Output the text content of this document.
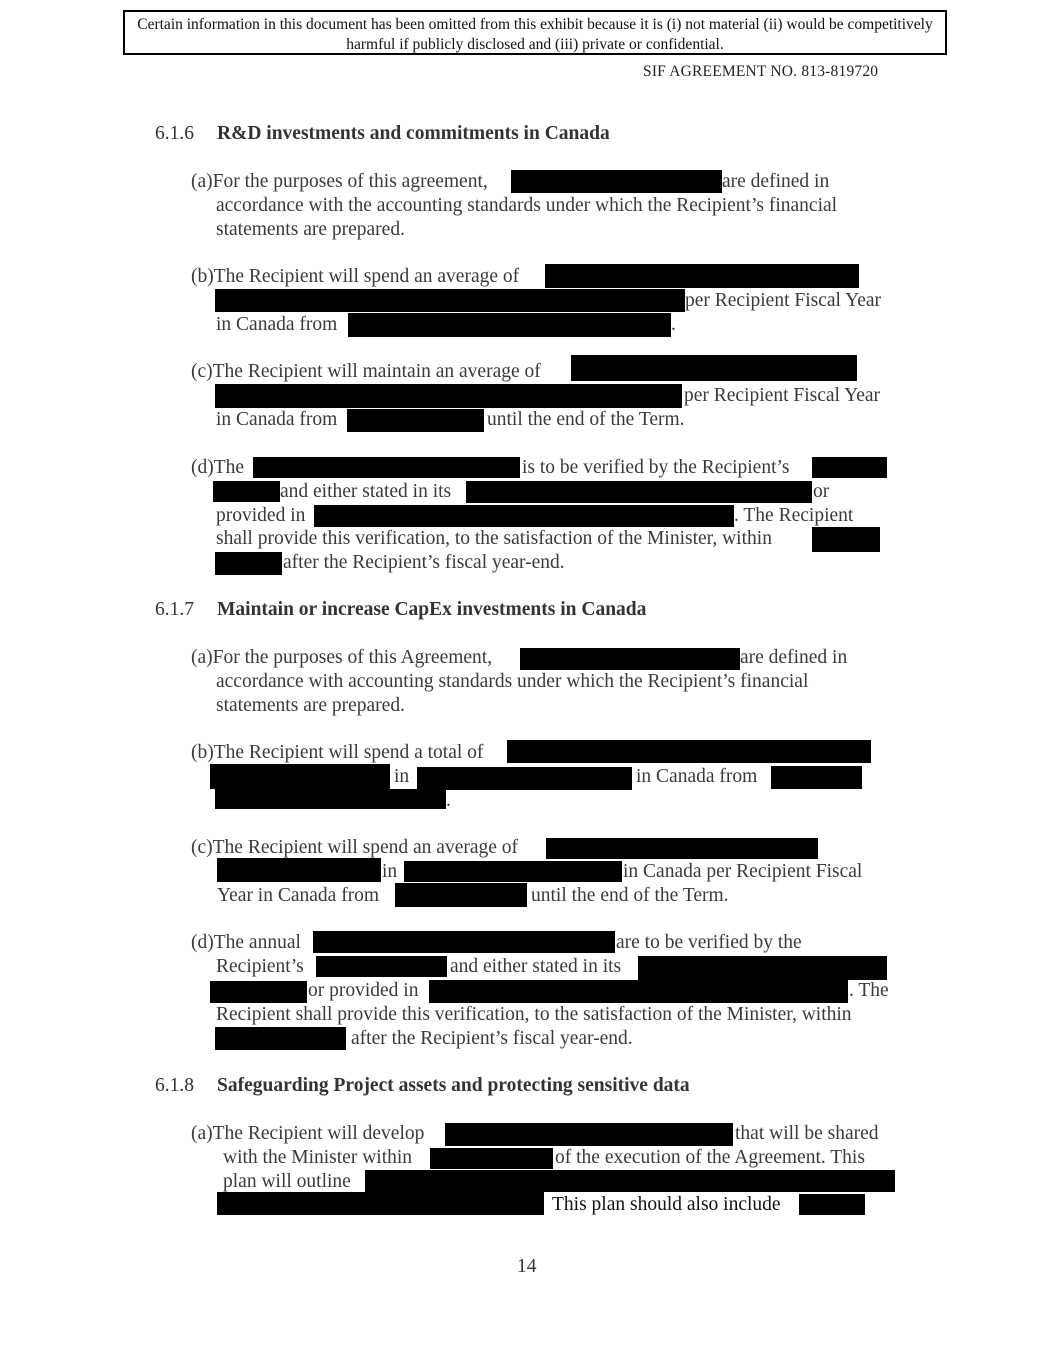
Certain information in this document has been omitted from this exhibit because it is (i) not material (ii) would be competitively harmful if publicly disclosed and (iii) private or confidential.
SIF AGREEMENT NO. 813-819720
6.1.6 R&D investments and commitments in Canada
(a)For the purposes of this agreement,	are defined in
accordance with the accounting standards under which the Recipient’s financial
statements are prepared.
(b)The Recipient will spend an average of
per Recipient Fiscal Year
in Canada from	.
(c)The Recipient will maintain an average of
per Recipient Fiscal Year
in Canada from	until the end of the Term.
(d)The	is to be verified by the Recipient’s
and either stated in its	or
provided in	. The Recipient
shall provide this verification, to the satisfaction of the Minister, within
after the Recipient’s fiscal year-end.
6.1.7 Maintain or increase CapEx investments in Canada
(a)For the purposes of this Agreement,	are defined in
accordance with accounting standards under which the Recipient’s financial
statements are prepared.
(b)The Recipient will spend a total of
in	in Canada from
.
(c)The Recipient will spend an average of
in	in Canada per Recipient Fiscal
Year in Canada from	until the end of the Term.
(d)The annual	are to be verified by the
Recipient’s	and either stated in its
or provided in	. The
Recipient shall provide this verification, to the satisfaction of the Minister, within
after the Recipient’s fiscal year-end.
6.1.8 Safeguarding Project assets and protecting sensitive data
(a)The Recipient will develop	that will be shared
with the Minister within	of the execution of the Agreement. This
plan will outline
This plan should also include
14
